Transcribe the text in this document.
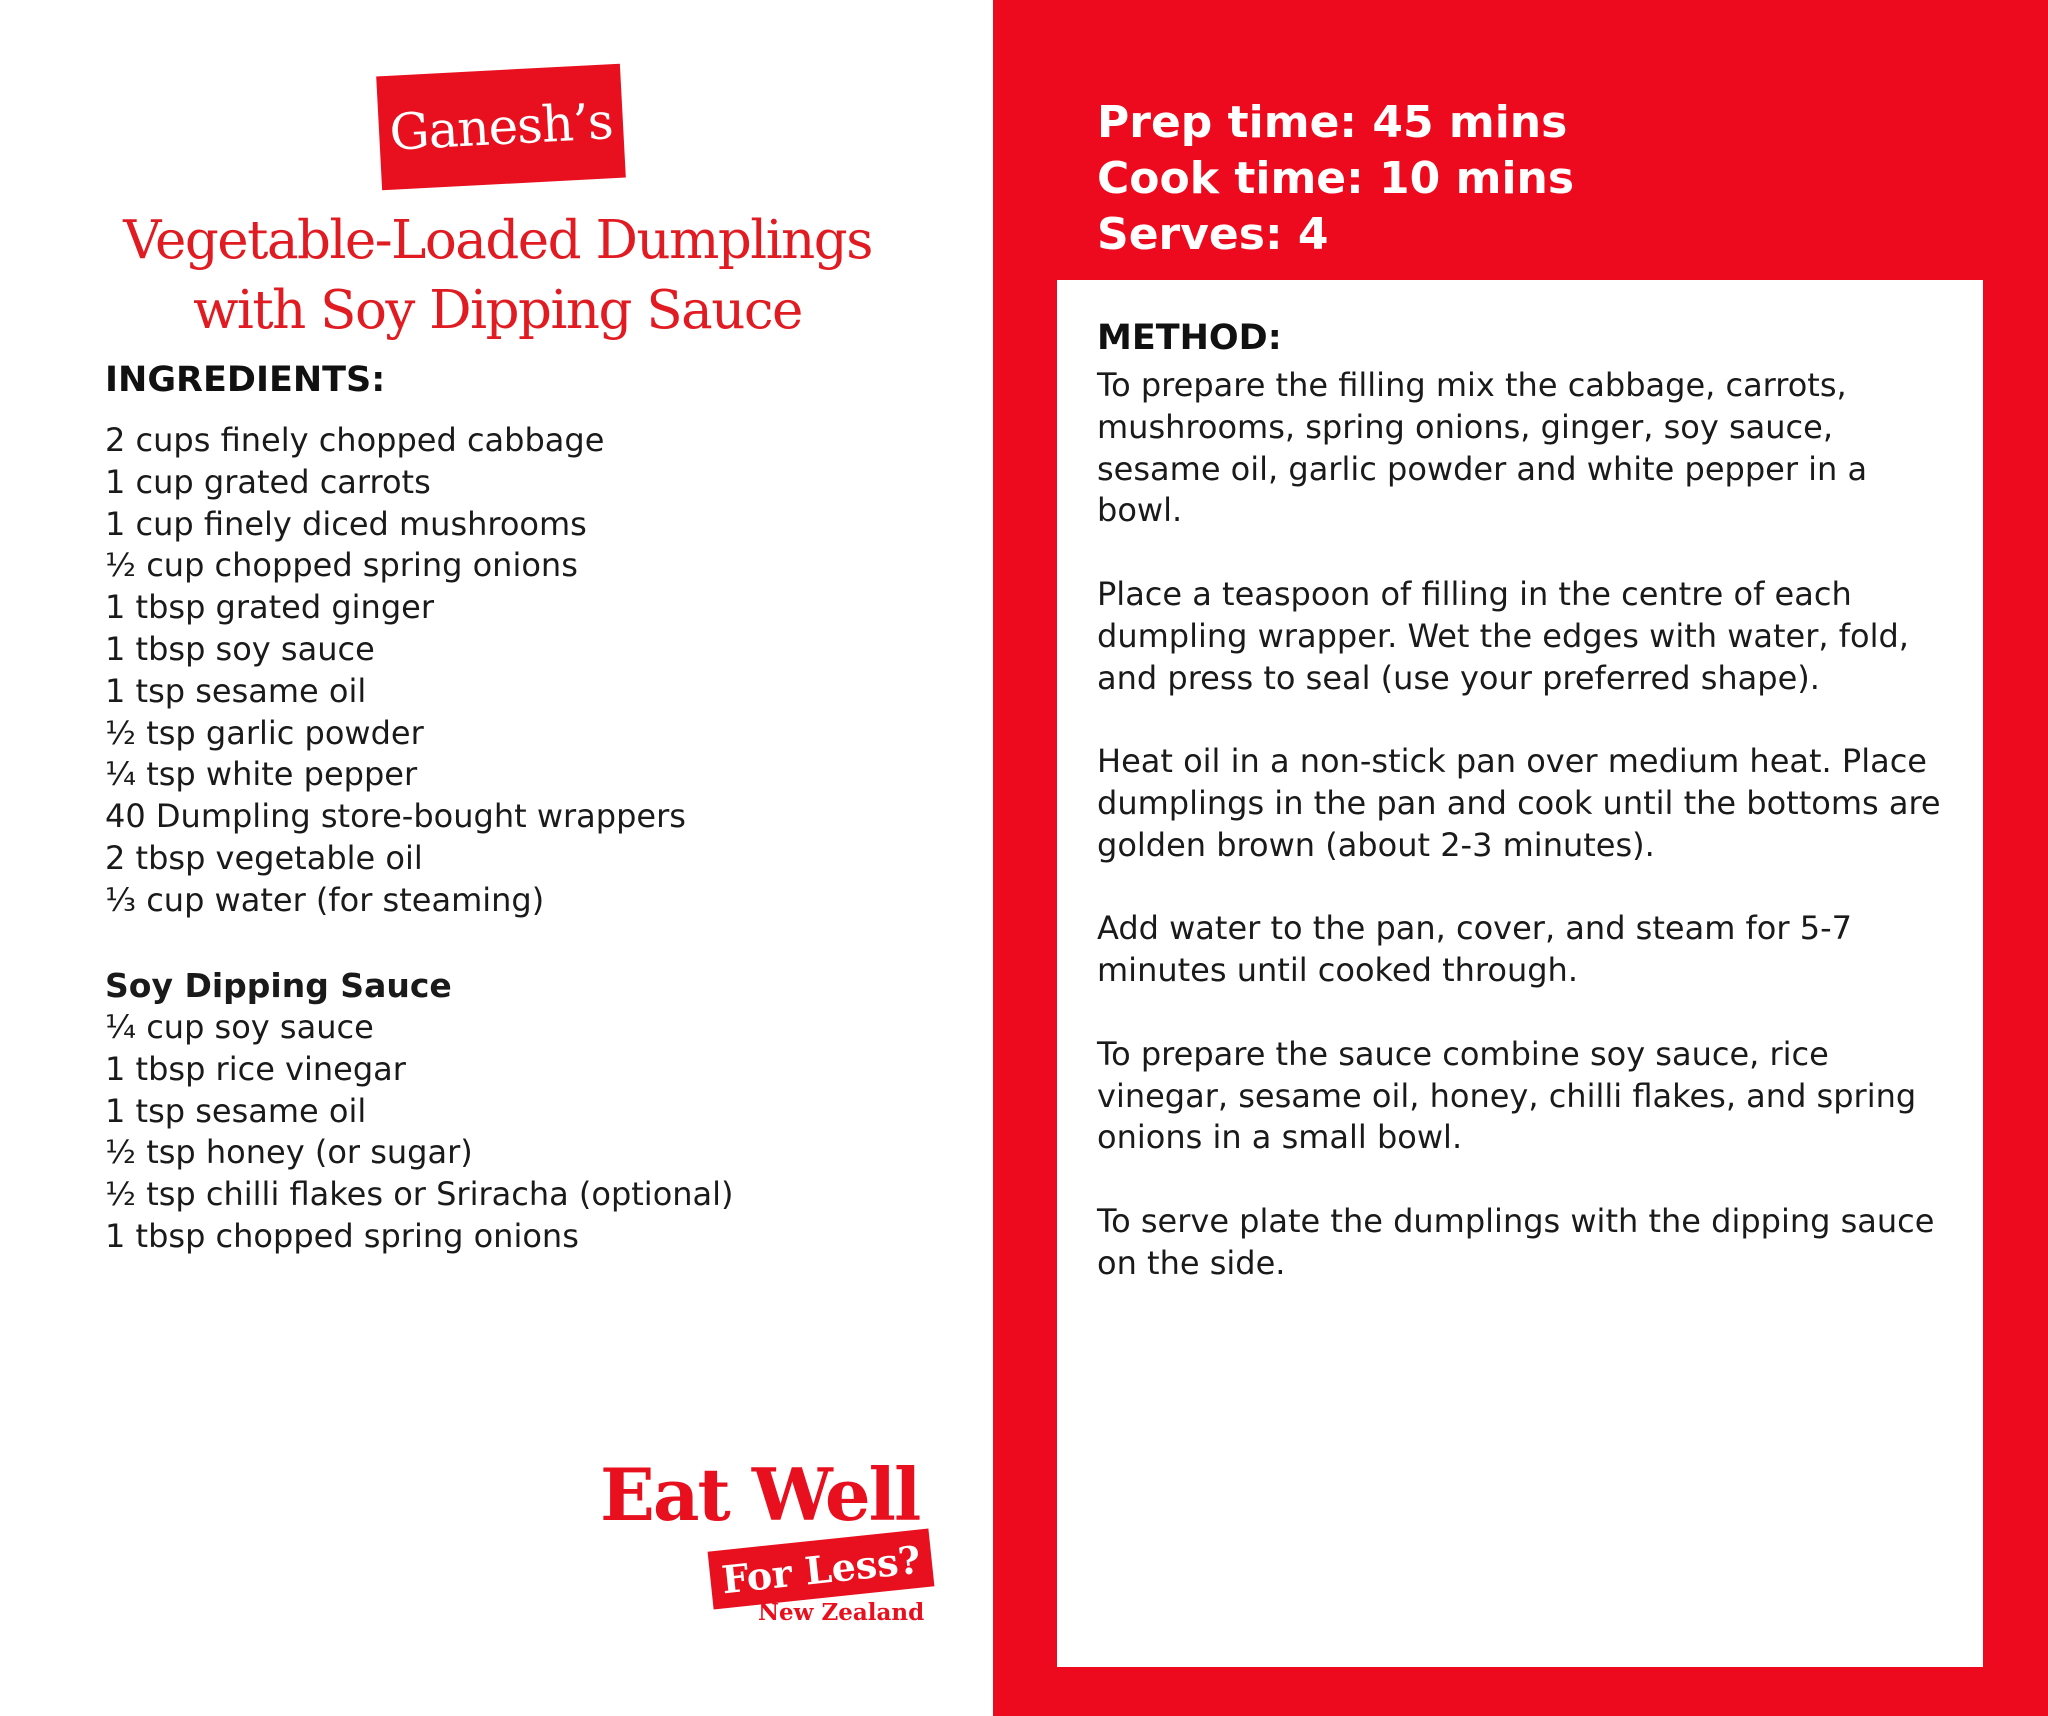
Ganesh’s
Vegetable-Loaded Dumplings
with Soy Dipping Sauce
INGREDIENTS:
2 cups finely chopped cabbage
1 cup grated carrots
1 cup finely diced mushrooms
½ cup chopped spring onions
1 tbsp grated ginger
1 tbsp soy sauce
1 tsp sesame oil
½ tsp garlic powder
¼ tsp white pepper
40 Dumpling store-bought wrappers
2 tbsp vegetable oil
⅓ cup water (for steaming)
Soy Dipping Sauce
¼ cup soy sauce
1 tbsp rice vinegar
1 tsp sesame oil
½ tsp honey (or sugar)
½ tsp chilli flakes or Sriracha (optional)
1 tbsp chopped spring onions
Eat Well
For Less?
New Zealand
Prep time: 45 mins
Cook time: 10 mins
Serves: 4
METHOD:

To prepare the filling mix the cabbage, carrots, mushrooms, spring onions, ginger, soy sauce, sesame oil, garlic powder and white pepper in a bowl.

Place a teaspoon of filling in the centre of each dumpling wrapper. Wet the edges with water, fold, and press to seal (use your preferred shape).

Heat oil in a non-stick pan over medium heat. Place dumplings in the pan and cook until the bottoms are golden brown (about 2-3 minutes).

Add water to the pan, cover, and steam for 5-7 minutes until cooked through.

To prepare the sauce combine soy sauce, rice vinegar, sesame oil, honey, chilli flakes, and spring onions in a small bowl.

To serve plate the dumplings with the dipping sauce on the side.
